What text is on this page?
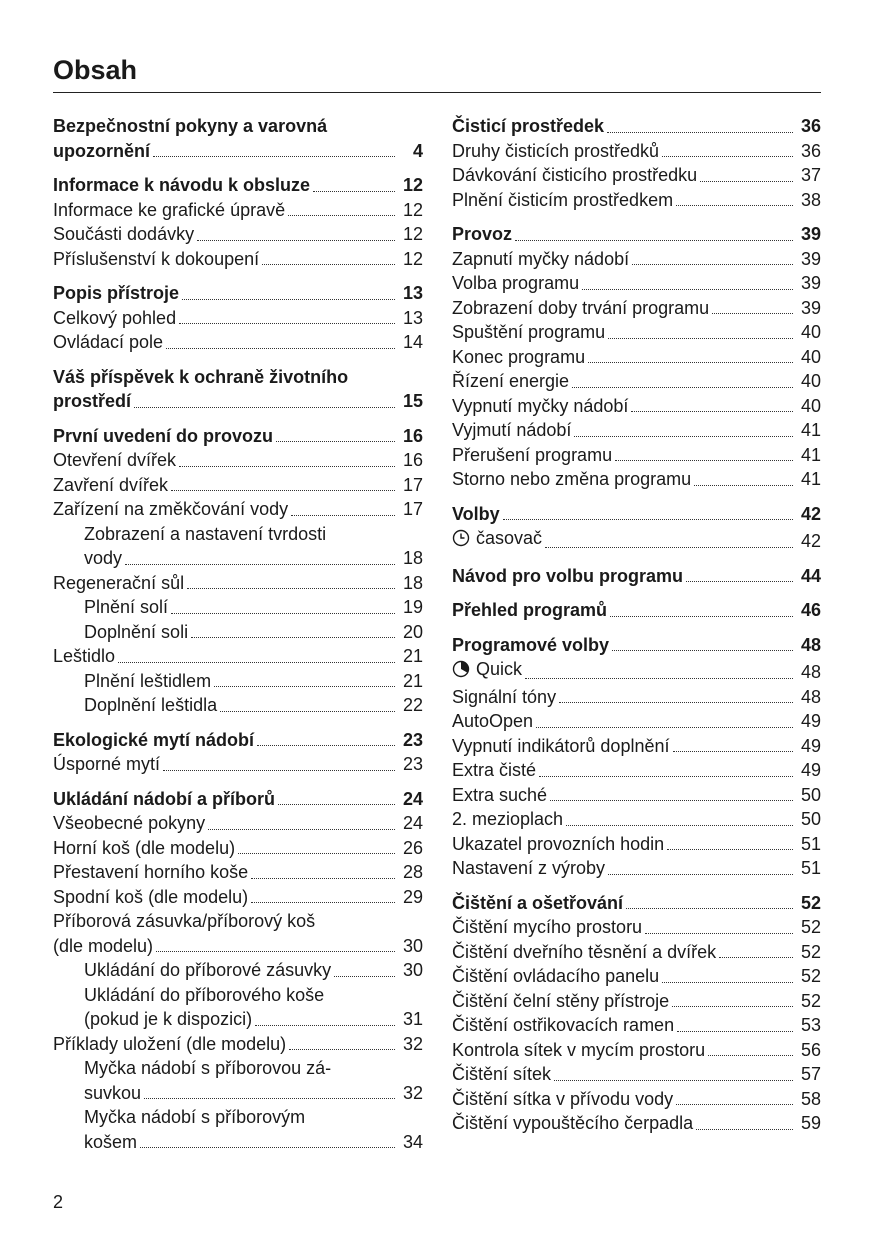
Obsah
Bezpečnostní pokyny a varovná
upozornění	4
Informace k návodu k obsluze	12
Informace ke grafické úpravě	12
Součásti dodávky	12
Příslušenství k dokoupení	12
Popis přístroje	13
Celkový pohled	13
Ovládací pole	14
Váš příspěvek k ochraně životního
prostředí	15
První uvedení do provozu	16
Otevření dvířek	16
Zavření dvířek	17
Zařízení na změkčování vody	17
Zobrazení a nastavení tvrdosti
vody	18
Regenerační sůl	18
Plnění solí	19
Doplnění soli	20
Leštidlo	21
Plnění leštidlem	21
Doplnění leštidla	22
Ekologické mytí nádobí	23
Úsporné mytí	23
Ukládání nádobí a příborů	24
Všeobecné pokyny	24
Horní koš (dle modelu)	26
Přestavení horního koše	28
Spodní koš (dle modelu)	29
Příborová zásuvka/příborový koš
(dle modelu)	30
Ukládání do příborové zásuvky	30
Ukládání do příborového koše
(pokud je k dispozici)	31
Příklady uložení (dle modelu)	32
Myčka nádobí s příborovou zá-
suvkou	32
Myčka nádobí s příborovým
košem	34
Čisticí prostředek	36
Druhy čisticích prostředků	36
Dávkování čisticího prostředku	37
Plnění čisticím prostředkem	38
Provoz	39
Zapnutí myčky nádobí	39
Volba programu	39
Zobrazení doby trvání programu	39
Spuštění programu	40
Konec programu	40
Řízení energie	40
Vypnutí myčky nádobí	40
Vyjmutí nádobí	41
Přerušení programu	41
Storno nebo změna programu	41
Volby	42
časovač	42
Návod pro volbu programu	44
Přehled programů	46
Programové volby	48
Quick	48
Signální tóny	48
AutoOpen	49
Vypnutí indikátorů doplnění	49
Extra čisté	49
Extra suché	50
2. mezioplach	50
Ukazatel provozních hodin	51
Nastavení z výroby	51
Čištění a ošetřování	52
Čištění mycího prostoru	52
Čištění dveřního těsnění a dvířek	52
Čištění ovládacího panelu	52
Čištění čelní stěny přístroje	52
Čištění ostřikovacích ramen	53
Kontrola sítek v mycím prostoru	56
Čištění sítek	57
Čištění sítka v přívodu vody	58
Čištění vypouštěcího čerpadla	59
2
